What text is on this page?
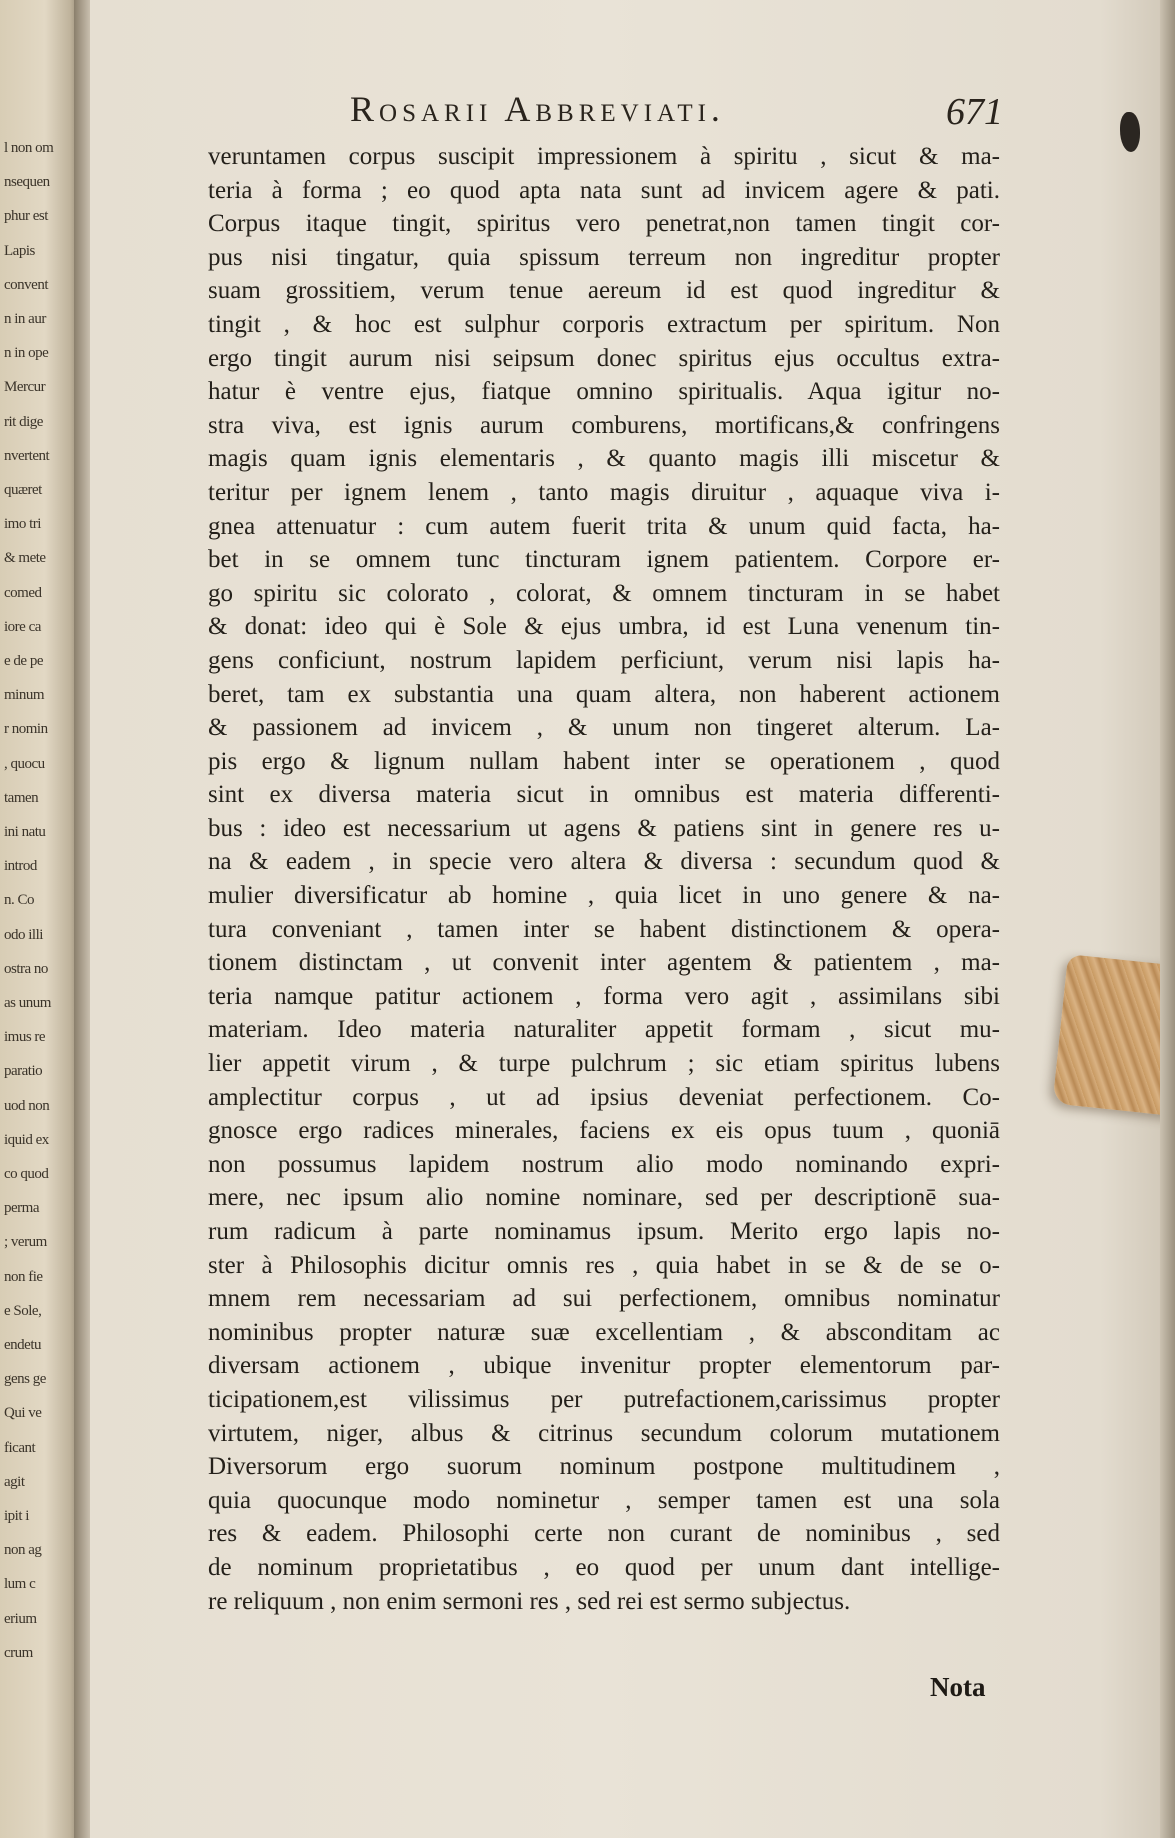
l non om
nsequen
phur est
Lapis
convent
n in aur
n in ope
Mercur
rit dige
nvertent
quæret
imo tri
& mete
comed
iore ca
e de pe
minum
r nomin
, quocu
tamen
ini natu
introd
n. Co
odo illi
ostra no
as unum
imus re
paratio
uod non
iquid ex
co quod
perma
; verum
non fie
e Sole,
endetu
gens ge
Qui ve
ficant
agit
ipit i
non ag
lum c
erium
crum
Rosarii Abbreviati.	671
veruntamen corpus suscipit impressionem à spiritu , sicut & ma-
teria à forma ; eo quod apta nata sunt ad invicem agere & pati.
Corpus itaque tingit, spiritus vero penetrat,non tamen tingit cor-
pus nisi tingatur, quia spissum terreum non ingreditur propter
suam grossitiem, verum tenue aereum id est quod ingreditur &
tingit , & hoc est sulphur corporis extractum per spiritum. Non
ergo tingit aurum nisi seipsum donec spiritus ejus occultus extra-
hatur è ventre ejus, fiatque omnino spiritualis. Aqua igitur no-
stra viva, est ignis aurum comburens, mortificans,& confringens
magis quam ignis elementaris , & quanto magis illi miscetur &
teritur per ignem lenem , tanto magis diruitur , aquaque viva i-
gnea attenuatur : cum autem fuerit trita & unum quid facta, ha-
bet in se omnem tunc tincturam ignem patientem. Corpore er-
go spiritu sic colorato , colorat, & omnem tincturam in se habet
& donat: ideo qui è Sole & ejus umbra, id est Luna venenum tin-
gens conficiunt, nostrum lapidem perficiunt, verum nisi lapis ha-
beret, tam ex substantia una quam altera, non haberent actionem
& passionem ad invicem , & unum non tingeret alterum. La-
pis ergo & lignum nullam habent inter se operationem , quod
sint ex diversa materia sicut in omnibus est materia differenti-
bus : ideo est necessarium ut agens & patiens sint in genere res u-
na & eadem , in specie vero altera & diversa : secundum quod &
mulier diversificatur ab homine , quia licet in uno genere & na-
tura conveniant , tamen inter se habent distinctionem & opera-
tionem distinctam , ut convenit inter agentem & patientem , ma-
teria namque patitur actionem , forma vero agit , assimilans sibi
materiam. Ideo materia naturaliter appetit formam , sicut mu-
lier appetit virum , & turpe pulchrum ; sic etiam spiritus lubens
amplectitur corpus , ut ad ipsius deveniat perfectionem. Co-
gnosce ergo radices minerales, faciens ex eis opus tuum , quoniā
non possumus lapidem nostrum alio modo nominando expri-
mere, nec ipsum alio nomine nominare, sed per descriptionē sua-
rum radicum à parte nominamus ipsum. Merito ergo lapis no-
ster à Philosophis dicitur omnis res , quia habet in se & de se o-
mnem rem necessariam ad sui perfectionem, omnibus nominatur
nominibus propter naturæ suæ excellentiam , & absconditam ac
diversam actionem , ubique invenitur propter elementorum par-
ticipationem,est vilissimus per putrefactionem,carissimus propter
virtutem, niger, albus & citrinus secundum colorum mutationem
Diversorum ergo suorum nominum postpone multitudinem ,
quia quocunque modo nominetur , semper tamen est una sola
res & eadem. Philosophi certe non curant de nominibus , sed
de nominum proprietatibus , eo quod per unum dant intellige-
re reliquum , non enim sermoni res , sed rei est sermo subjectus.
Nota
